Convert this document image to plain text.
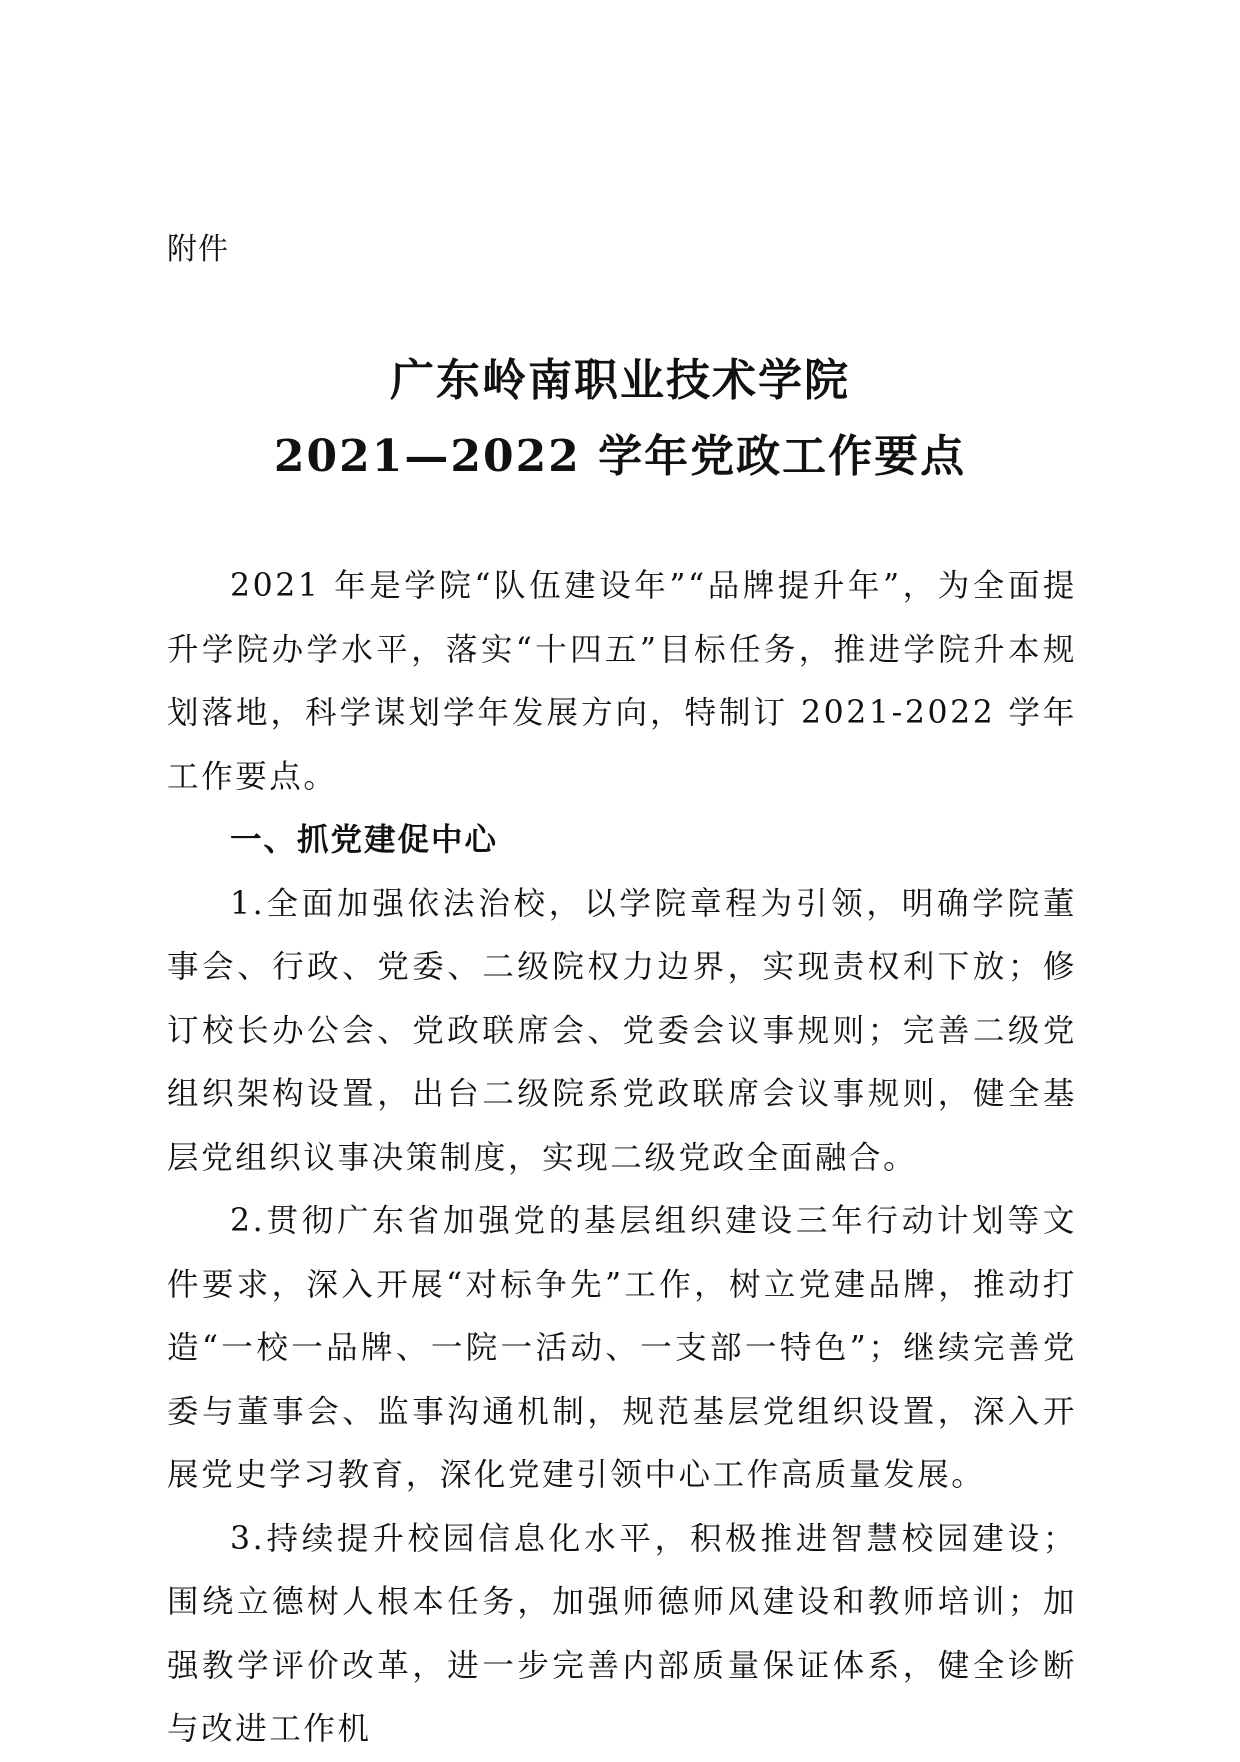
附件
广东岭南职业技术学院
2021—2022 学年党政工作要点

2021 年是学院“队伍建设年”“品牌提升年”，为全面提升学院办学水平，落实“十四五”目标任务，推进学院升本规划落地，科学谋划学年发展方向，特制订 2021-2022 学年工作要点。

一、抓党建促中心

1.全面加强依法治校，以学院章程为引领，明确学院董事会、行政、党委、二级院权力边界，实现责权利下放；修订校长办公会、党政联席会、党委会议事规则；完善二级党组织架构设置，出台二级院系党政联席会议事规则，健全基层党组织议事决策制度，实现二级党政全面融合。

2.贯彻广东省加强党的基层组织建设三年行动计划等文件要求，深入开展“对标争先”工作，树立党建品牌，推动打造“一校一品牌、一院一活动、一支部一特色”；继续完善党委与董事会、监事沟通机制，规范基层党组织设置，深入开展党史学习教育，深化党建引领中心工作高质量发展。

3.持续提升校园信息化水平，积极推进智慧校园建设；围绕立德树人根本任务，加强师德师风建设和教师培训；加强教学评价改革，进一步完善内部质量保证体系，健全诊断与改进工作机
